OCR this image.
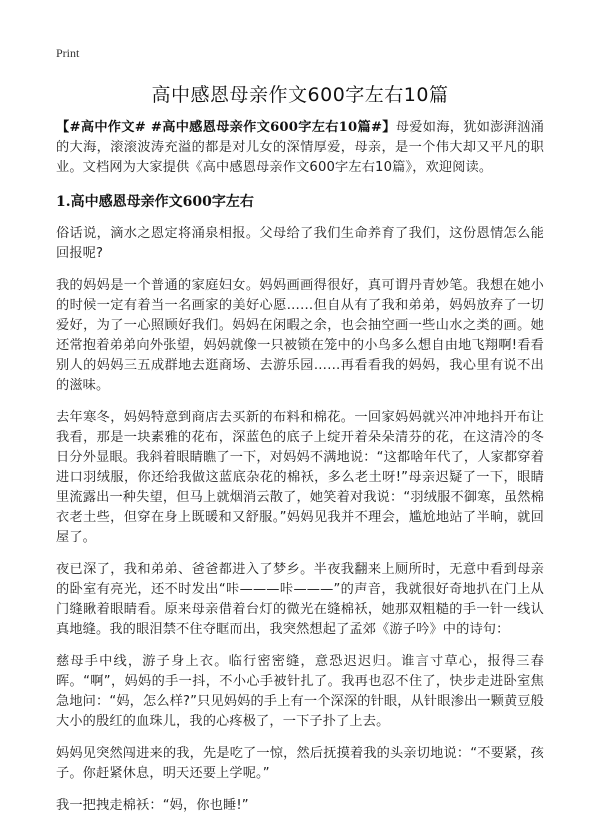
Print
高中感恩母亲作文600字左右10篇

【#高中作文# #高中感恩母亲作文600字左右10篇#】母爱如海，犹如澎湃汹涌的大海，滚滚波涛充溢的都是对儿女的深情厚爱，母亲，是一个伟大却又平凡的职业。文档网为大家提供《高中感恩母亲作文600字左右10篇》，欢迎阅读。

1.高中感恩母亲作文600字左右

俗话说，滴水之恩定将涌泉相报。父母给了我们生命养育了我们，这份恩情怎么能回报呢?

我的妈妈是一个普通的家庭妇女。妈妈画画得很好，真可谓丹青妙笔。我想在她小的时候一定有着当一名画家的美好心愿……但自从有了我和弟弟，妈妈放弃了一切爱好，为了一心照顾好我们。妈妈在闲暇之余，也会抽空画一些山水之类的画。她还常抱着弟弟向外张望，妈妈就像一只被锁在笼中的小鸟多么想自由地飞翔啊!看看别人的妈妈三五成群地去逛商场、去游乐园……再看看我的妈妈，我心里有说不出的滋味。

去年寒冬，妈妈特意到商店去买新的布料和棉花。一回家妈妈就兴冲冲地抖开布让我看，那是一块素雅的花布，深蓝色的底子上绽开着朵朵清芬的花，在这清冷的冬日分外显眼。我斜着眼睛瞧了一下，对妈妈不满地说：“这都啥年代了，人家都穿着进口羽绒服，你还给我做这蓝底杂花的棉袄，多么老土呀!”母亲迟疑了一下，眼睛里流露出一种失望，但马上就烟消云散了，她笑着对我说：“羽绒服不御寒，虽然棉衣老土些，但穿在身上既暖和又舒服。”妈妈见我并不理会，尴尬地站了半晌，就回屋了。

夜已深了，我和弟弟、爸爸都进入了梦乡。半夜我翻来上厕所时，无意中看到母亲的卧室有亮光，还不时发出“咔———咔———”的声音，我就很好奇地扒在门上从门缝瞅着眼睛看。原来母亲借着台灯的微光在缝棉袄，她那双粗糙的手一针一线认真地缝。我的眼泪禁不住夺眶而出，我突然想起了孟郊《游子吟》中的诗句：

慈母手中线，游子身上衣。临行密密缝，意恐迟迟归。谁言寸草心，报得三春晖。“啊”，妈妈的手一抖，不小心手被针扎了。我再也忍不住了，快步走进卧室焦急地问：“妈，怎么样?”只见妈妈的手上有一个深深的针眼，从针眼渗出一颗黄豆般大小的殷红的血珠儿，我的心疼极了，一下子扑了上去。

妈妈见突然闯进来的我，先是吃了一惊，然后抚摸着我的头亲切地说：“不要紧，孩子。你赶紧休息，明天还要上学呢。”

我一把拽走棉袄：“妈，你也睡!”
